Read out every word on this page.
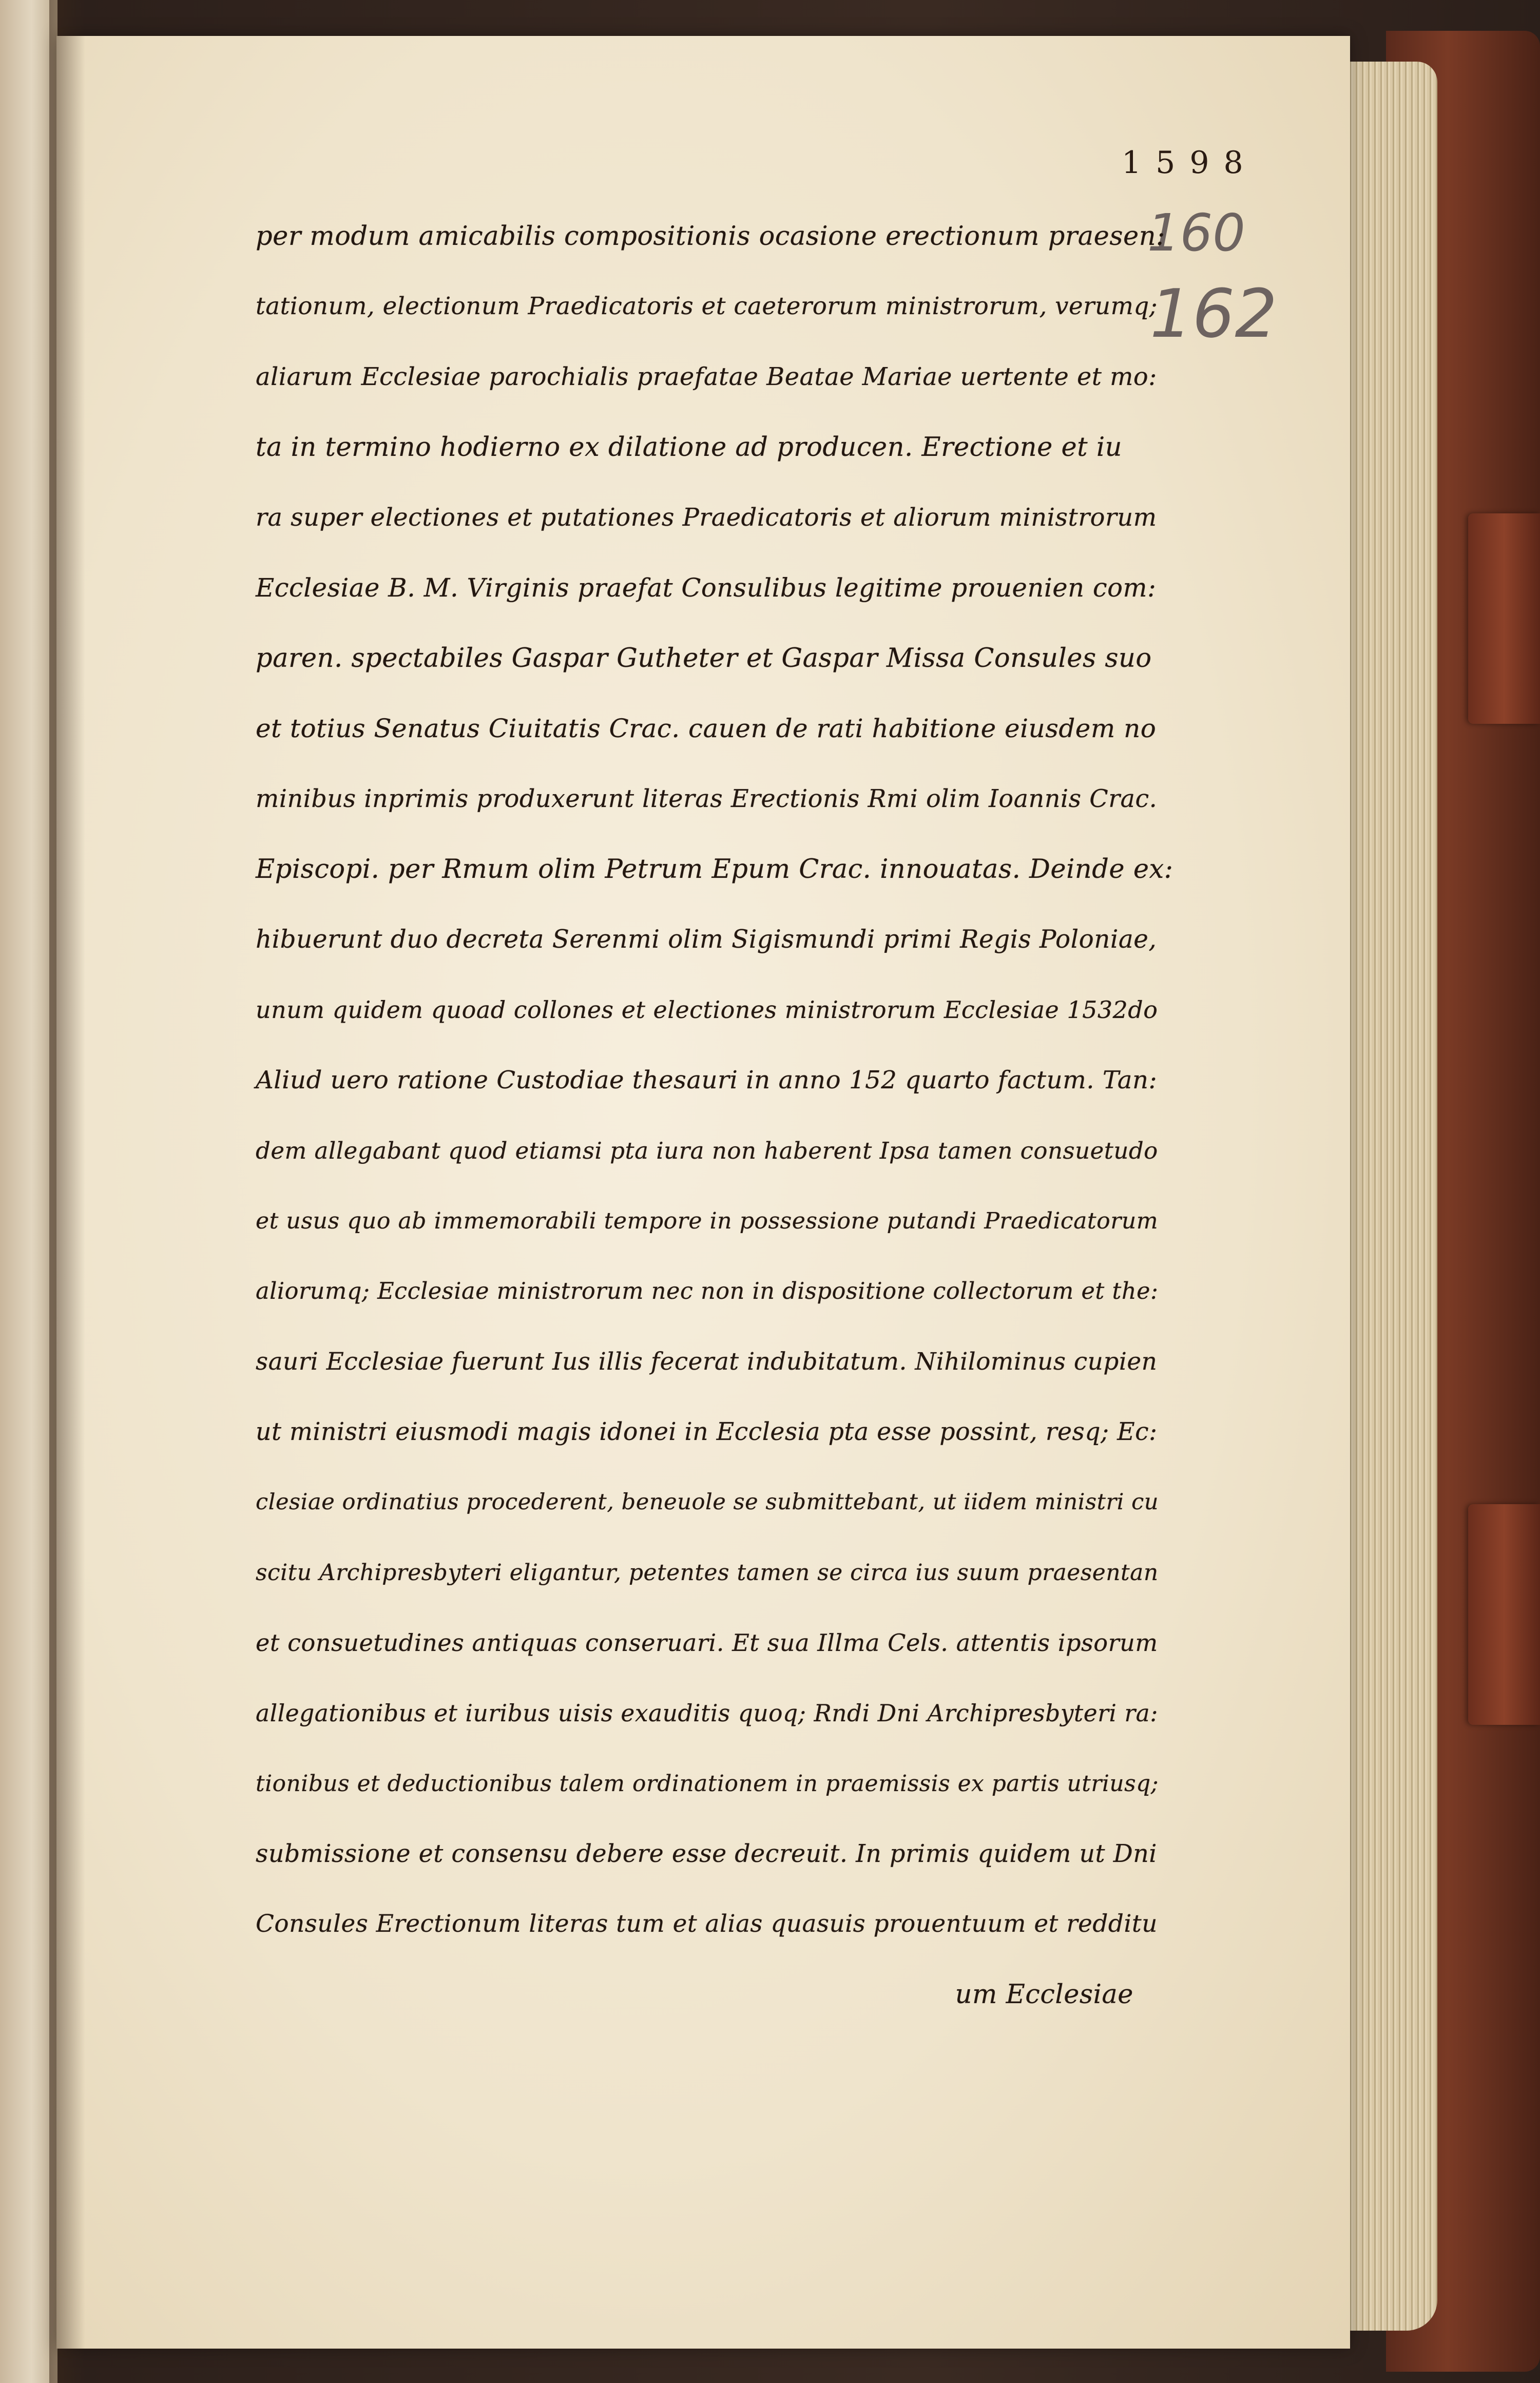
1598
160
162
per modum amicabilis compositionis ocasione erectionum praesen:
tationum, electionum Praedicatoris et caeterorum ministrorum, verumq;
aliarum Ecclesiae parochialis praefatae Beatae Mariae uertente et mo:
ta in termino hodierno ex dilatione ad producen. Erectione et iu
ra super electiones et putationes Praedicatoris et aliorum ministrorum
Ecclesiae B. M. Virginis praefat Consulibus legitime prouenien com:
paren. spectabiles Gaspar Gutheter et Gaspar Missa Consules suo
et totius Senatus Ciuitatis Crac. cauen de rati habitione eiusdem no
minibus inprimis produxerunt literas Erectionis Rmi olim Ioannis Crac.
Episcopi. per Rmum olim Petrum Epum Crac. innouatas. Deinde ex:
hibuerunt duo decreta Serenmi olim Sigismundi primi Regis Poloniae,
unum quidem quoad collones et electiones ministrorum Ecclesiae 1532do
Aliud uero ratione Custodiae thesauri in anno 152 quarto factum. Tan:
dem allegabant quod etiamsi pta iura non haberent Ipsa tamen consuetudo
et usus quo ab immemorabili tempore in possessione putandi Praedicatorum
aliorumq; Ecclesiae ministrorum nec non in dispositione collectorum et the:
sauri Ecclesiae fuerunt Ius illis fecerat indubitatum. Nihilominus cupien
ut ministri eiusmodi magis idonei in Ecclesia pta esse possint, resq; Ec:
clesiae ordinatius procederent, beneuole se submittebant, ut iidem ministri cu
scitu Archipresbyteri eligantur, petentes tamen se circa ius suum praesentan
et consuetudines antiquas conseruari. Et sua Illma Cels. attentis ipsorum
allegationibus et iuribus uisis exauditis quoq; Rndi Dni Archipresbyteri ra:
tionibus et deductionibus talem ordinationem in praemissis ex partis utriusq;
submissione et consensu debere esse decreuit. In primis quidem ut Dni
Consules Erectionum literas tum et alias quasuis prouentuum et redditu
um Ecclesiae
